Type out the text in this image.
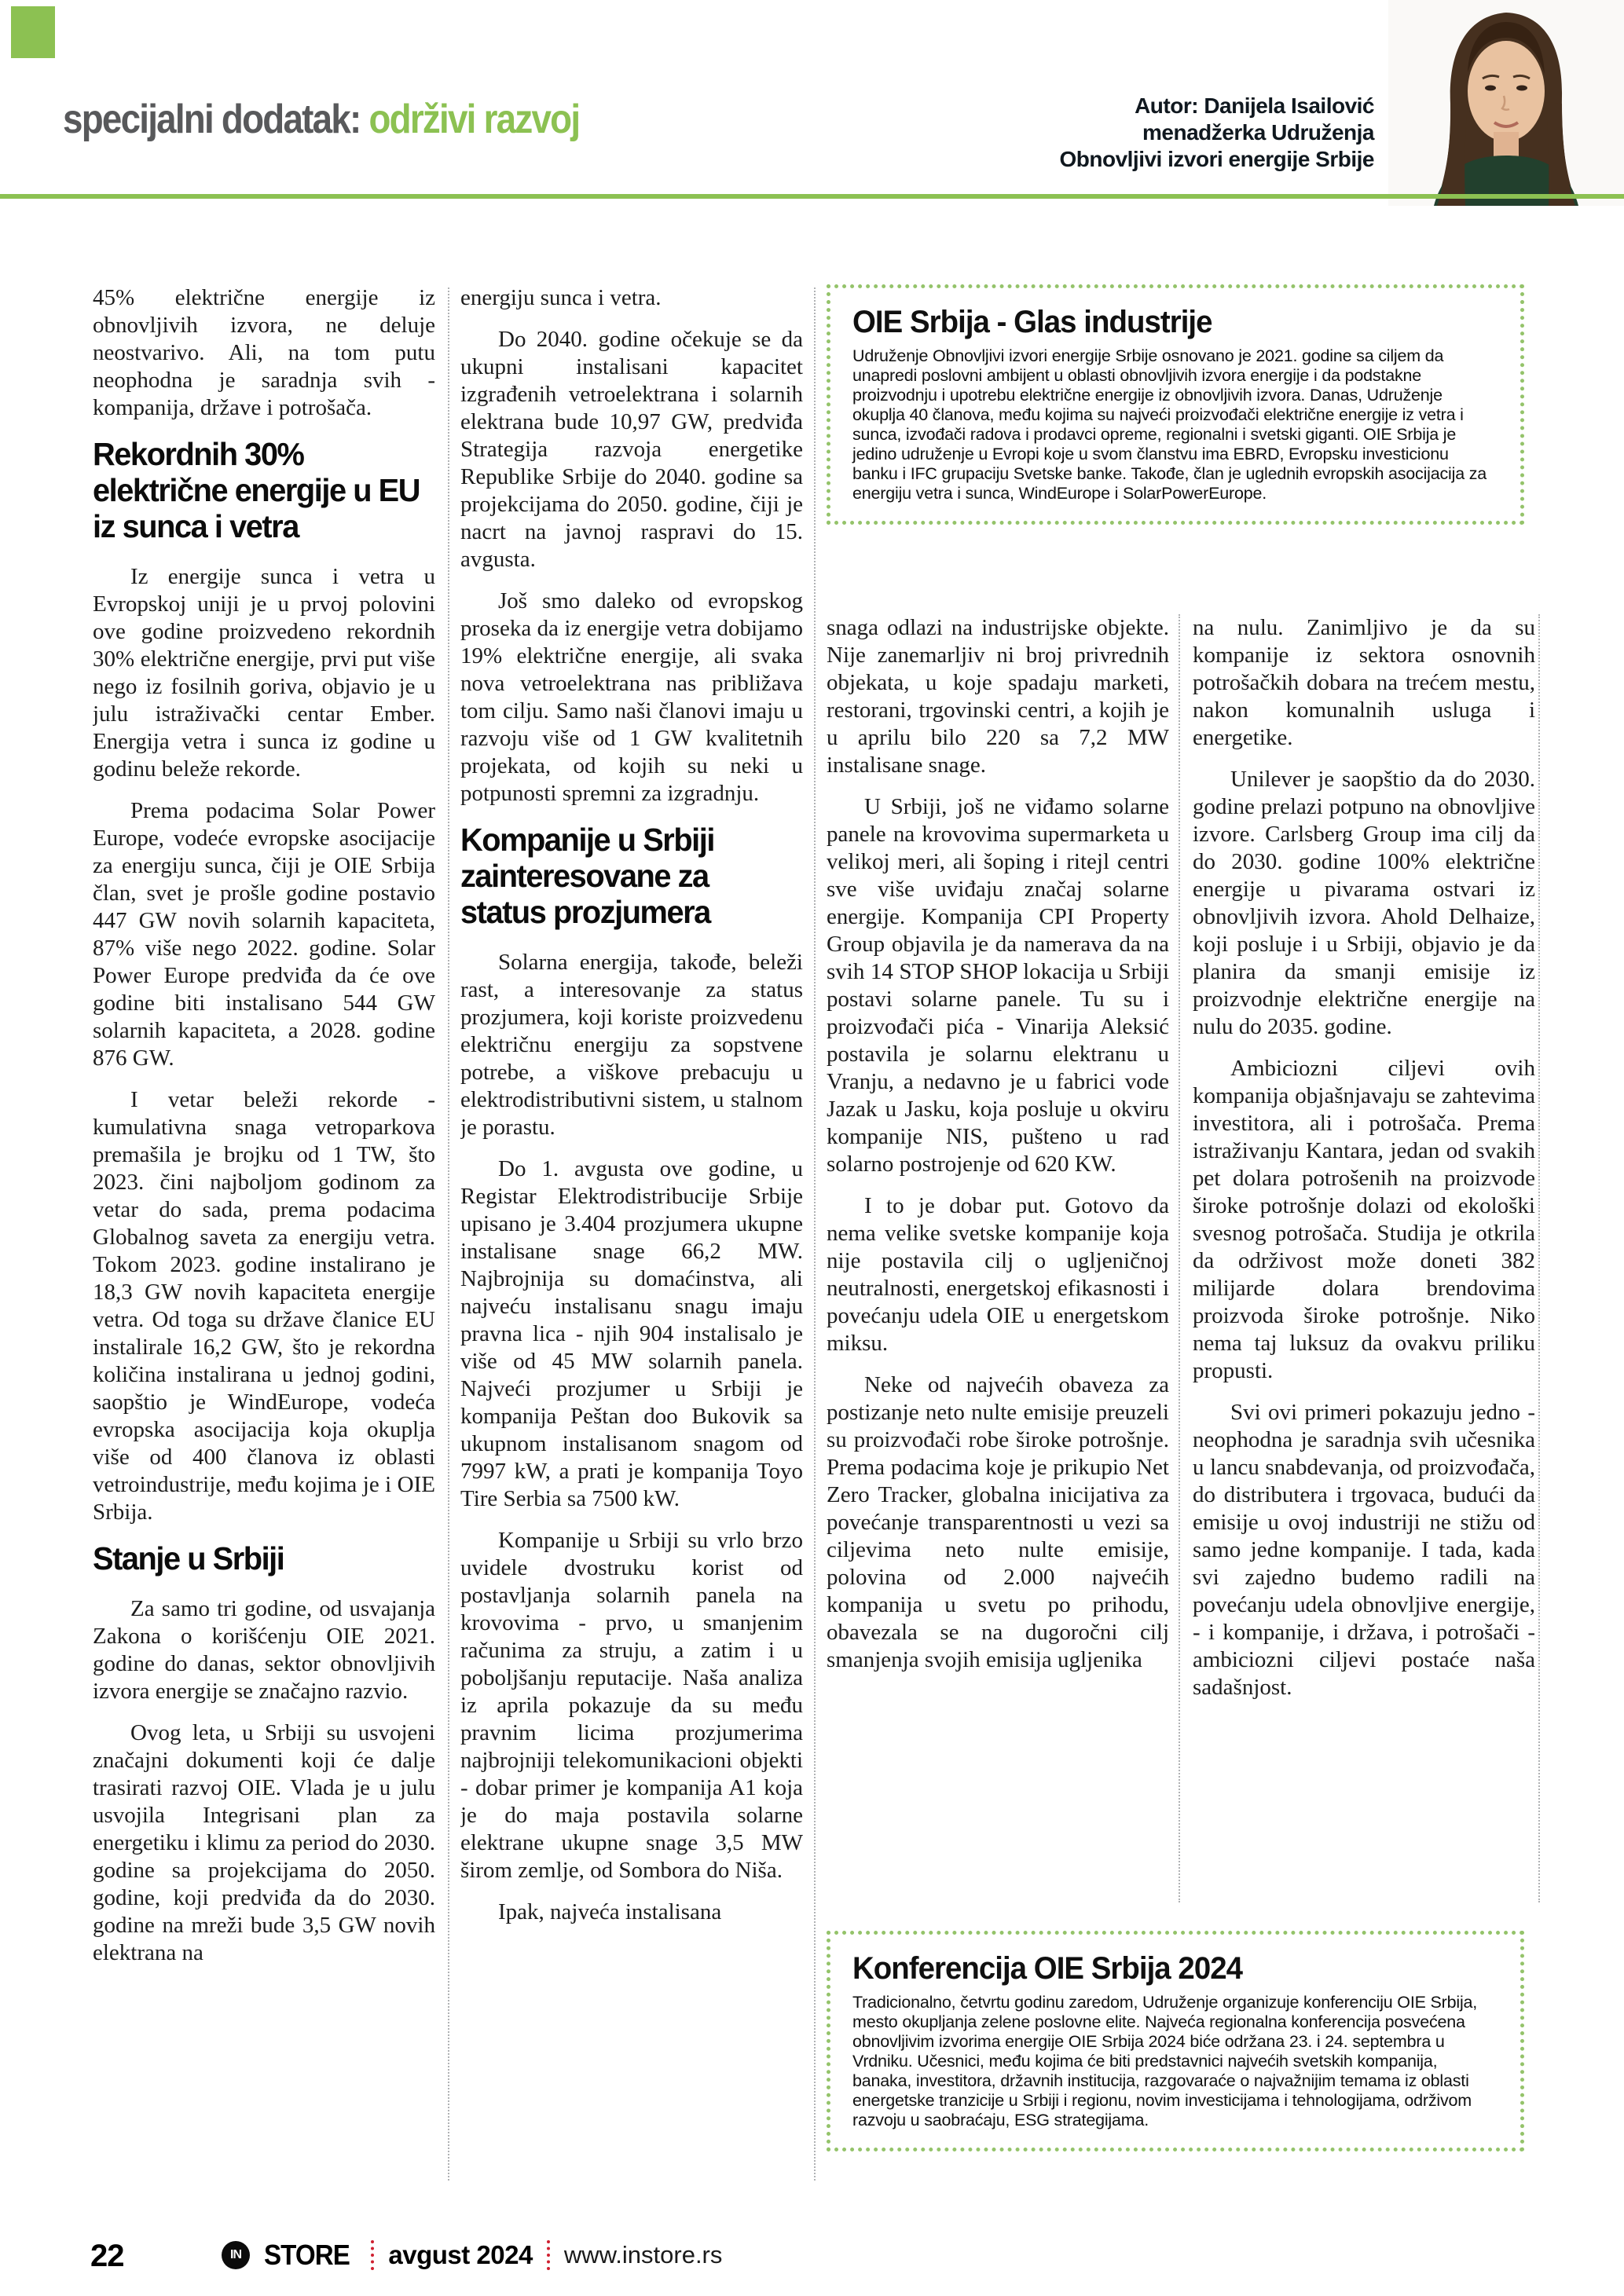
specijalni dodatak: održivi razvoj	Autor: Danijela Isailović
menadžerka Udruženja
Obnovljivi izvori energije Srbije
OIE Srbija - Glas industrije
Udruženje Obnovljivi izvori energije Srbije osnovano je 2021. godine sa ciljem da unapredi poslovni ambijent u oblasti obnovljivih izvora energije i da podstakne proizvodnju i upotrebu električne energije iz obnovljivih izvora. Danas, Udruženje okuplja 40 članova, među kojima su najveći proizvođači električne energije iz vetra i sunca, izvođači radova i prodavci opreme, regionalni i svetski giganti. OIE Srbija je jedino udruženje u Evropi koje u svom članstvu ima EBRD, Evropsku investicionu banku i IFC grupaciju Svetske banke. Takođe, član je uglednih evropskih asocijacija za energiju vetra i sunca, WindEurope i SolarPowerEurope.
Konferencija OIE Srbija 2024
Tradicionalno, četvrtu godinu zaredom, Udruženje organizuje konferenciju OIE Srbija, mesto okupljanja zelene poslovne elite. Najveća regionalna konferencija posvećena obnovljivim izvorima energije OIE Srbija 2024 biće održana 23. i 24. septembra u Vrdniku. Učesnici, među kojima će biti predstavnici najvećih svetskih kompanija, banaka, investitora, državnih institucija, razgovaraće o najvažnijim temama iz oblasti energetske tranzicije u Srbiji i regionu, novim investicijama i tehnologijama, održivom razvoju u saobraćaju, ESG strategijama.

45% električne energije iz obnovljivih izvora, ne deluje neostvarivo. Ali, na tom putu neophodna je saradnja svih - kompanija, države i potrošača.

Rekordnih 30% električne energije u EU iz sunca i vetra

Iz energije sunca i vetra u Evropskoj uniji je u prvoj polovini ove godine proizvedeno rekordnih 30% električne energije, prvi put više nego iz fosilnih goriva, objavio je u julu istraživački centar Ember. Energija vetra i sunca iz godine u godinu beleže rekorde.

Prema podacima Solar Power Europe, vodeće evropske asocijacije za energiju sunca, čiji je OIE Srbija član, svet je prošle godine postavio 447 GW novih solarnih kapaciteta, 87% više nego 2022. godine. Solar Power Europe predviđa da će ove godine biti instalisano 544 GW solarnih kapaciteta, a 2028. godine 876 GW.

I vetar beleži rekorde - kumulativna snaga vetroparkova premašila je brojku od 1 TW, što 2023. čini najboljom godinom za vetar do sada, prema podacima Globalnog saveta za energiju vetra. Tokom 2023. godine instalirano je 18,3 GW novih kapaciteta energije vetra. Od toga su države članice EU instalirale 16,2 GW, što je rekordna količina instalirana u jednoj godini, saopštio je WindEurope, vodeća evropska asocijacija koja okuplja više od 400 članova iz oblasti vetroindustrije, među kojima je i OIE Srbija.

Stanje u Srbiji

Za samo tri godine, od usvajanja Zakona o korišćenju OIE 2021. godine do danas, sektor obnovljivih izvora energije se značajno razvio.

Ovog leta, u Srbiji su usvojeni značajni dokumenti koji će dalje trasirati razvoj OIE. Vlada je u julu usvojila Integrisani plan za energetiku i klimu za period do 2030. godine sa projekcijama do 2050. godine, koji predviđa da do 2030. godine na mreži bude 3,5 GW novih elektrana na

energiju sunca i vetra.

Do 2040. godine očekuje se da ukupni instalisani kapacitet izgrađenih vetroelektrana i solarnih elektrana bude 10,97 GW, predviđa Strategija razvoja energetike Republike Srbije do 2040. godine sa projekcijama do 2050. godine, čiji je nacrt na javnoj raspravi do 15. avgusta.

Još smo daleko od evropskog proseka da iz energije vetra dobijamo 19% električne energije, ali svaka nova vetroelektrana nas približava tom cilju. Samo naši članovi imaju u razvoju više od 1 GW kvalitetnih projekata, od kojih su neki u potpunosti spremni za izgradnju.

Kompanije u Srbiji zainteresovane za status prozjumera

Solarna energija, takođe, beleži rast, a interesovanje za status prozjumera, koji koriste proizvedenu električnu energiju za sopstvene potrebe, a viškove prebacuju u elektrodistributivni sistem, u stalnom je porastu.

Do 1. avgusta ove godine, u Registar Elektrodistribucije Srbije upisano je 3.404 prozjumera ukupne instalisane snage 66,2 MW. Najbrojnija su domaćinstva, ali najveću instalisanu snagu imaju pravna lica - njih 904 instalisalo je više od 45 MW solarnih panela. Najveći prozjumer u Srbiji je kompanija Peštan doo Bukovik sa ukupnom instalisanom snagom od 7997 kW, a prati je kompanija Toyo Tire Serbia sa 7500 kW.

Kompanije u Srbiji su vrlo brzo uvidele dvostruku korist od postavljanja solarnih panela na krovovima - prvo, u smanjenim računima za struju, a zatim i u poboljšanju reputacije. Naša analiza iz aprila pokazuje da su među pravnim licima prozjumerima najbrojniji telekomunikacioni objekti - dobar primer je kompanija A1 koja je do maja postavila solarne elektrane ukupne snage 3,5 MW širom zemlje, od Sombora do Niša.

Ipak, najveća instalisana

snaga odlazi na industrijske objekte. Nije zanemarljiv ni broj privrednih objekata, u koje spadaju marketi, restorani, trgovinski centri, a kojih je u aprilu bilo 220 sa 7,2 MW instalisane snage.

U Srbiji, još ne viđamo solarne panele na krovovima supermarketa u velikoj meri, ali šoping i ritejl centri sve više uviđaju značaj solarne energije. Kompanija CPI Property Group objavila je da namerava da na svih 14 STOP SHOP lokacija u Srbiji postavi solarne panele. Tu su i proizvođači pića - Vinarija Aleksić postavila je solarnu elektranu u Vranju, a nedavno je u fabrici vode Jazak u Jasku, koja posluje u okviru kompanije NIS, pušteno u rad solarno postrojenje od 620 KW.

I to je dobar put. Gotovo da nema velike svetske kompanije koja nije postavila cilj o ugljeničnoj neutralnosti, energetskoj efikasnosti i povećanju udela OIE u energetskom miksu.

Neke od najvećih obaveza za postizanje neto nulte emisije preuzeli su proizvođači robe široke potrošnje. Prema podacima koje je prikupio Net Zero Tracker, globalna inicijativa za povećanje transparentnosti u vezi sa ciljevima neto nulte emisije, polovina od 2.000 najvećih kompanija u svetu po prihodu, obavezala se na dugoročni cilj smanjenja svojih emisija ugljenika

na nulu. Zanimljivo je da su kompanije iz sektora osnovnih potrošačkih dobara na trećem mestu, nakon komunalnih usluga i energetike.

Unilever je saopštio da do 2030. godine prelazi potpuno na obnovljive izvore. Carlsberg Group ima cilj da do 2030. godine 100% električne energije u pivarama ostvari iz obnovljivih izvora. Ahold Delhaize, koji posluje i u Srbiji, objavio je da planira da smanji emisije iz proizvodnje električne energije na nulu do 2035. godine.

Ambiciozni ciljevi ovih kompanija objašnjavaju se zahtevima investitora, ali i potrošača. Prema istraživanju Kantara, jedan od svakih pet dolara potrošenih na proizvode široke potrošnje dolazi od ekološki svesnog potrošača. Studija je otkrila da održivost može doneti 382 milijarde dolara brendovima proizvoda široke potrošnje. Niko nema taj luksuz da ovakvu priliku propusti.

Svi ovi primeri pokazuju jedno - neophodna je saradnja svih učesnika u lancu snabdevanja, od proizvođača, do distributera i trgovaca, budući da emisije u ovoj industriji ne stižu od samo jedne kompanije. I tada, kada svi zajedno budemo radili na povećanju udela obnovljive energije, - i kompanije, i država, i potrošači - ambiciozni ciljevi postaće naša sadašnjost.

22	IN STORE avgust 2024 www.instore.rs
